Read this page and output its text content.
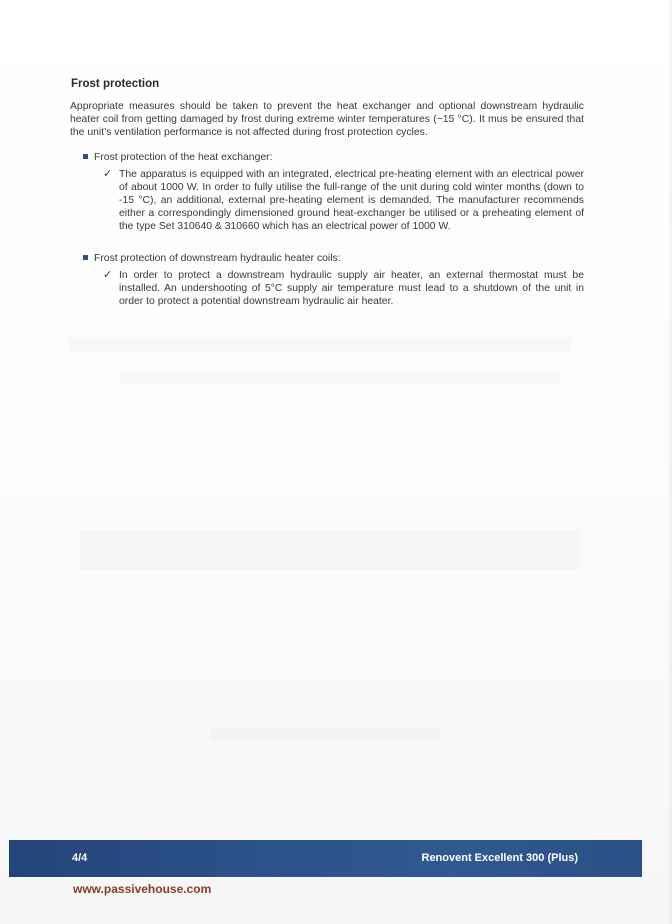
Frost protection

Appropriate measures should be taken to prevent the heat exchanger and optional downstream hydraulic heater coil from getting damaged by frost during extreme winter temperatures (−15 °C). It mus be ensured that the unit’s ventilation performance is not affected during frost protection cycles.

Frost protection of the heat exchanger:
✓ The apparatus is equipped with an integrated, electrical pre-heating element with an electrical power of about 1000 W. In order to fully utilise the full-range of the unit during cold winter months (down to -15 °C), an additional, external pre-heating element is demanded. The manufacturer recommends either a correspondingly dimensioned ground heat-exchanger be utilised or a preheating element of the type Set 310640 & 310660 which has an electrical power of 1000 W.
Frost protection of downstream hydraulic heater coils:
✓ In order to protect a downstream hydraulic supply air heater, an external thermostat must be installed. An undershooting of 5°C supply air temperature must lead to a shutdown of the unit in order to protect a potential downstream hydraulic air heater.
4/4	Renovent Excellent 300 (Plus)
www.passivehouse.com
